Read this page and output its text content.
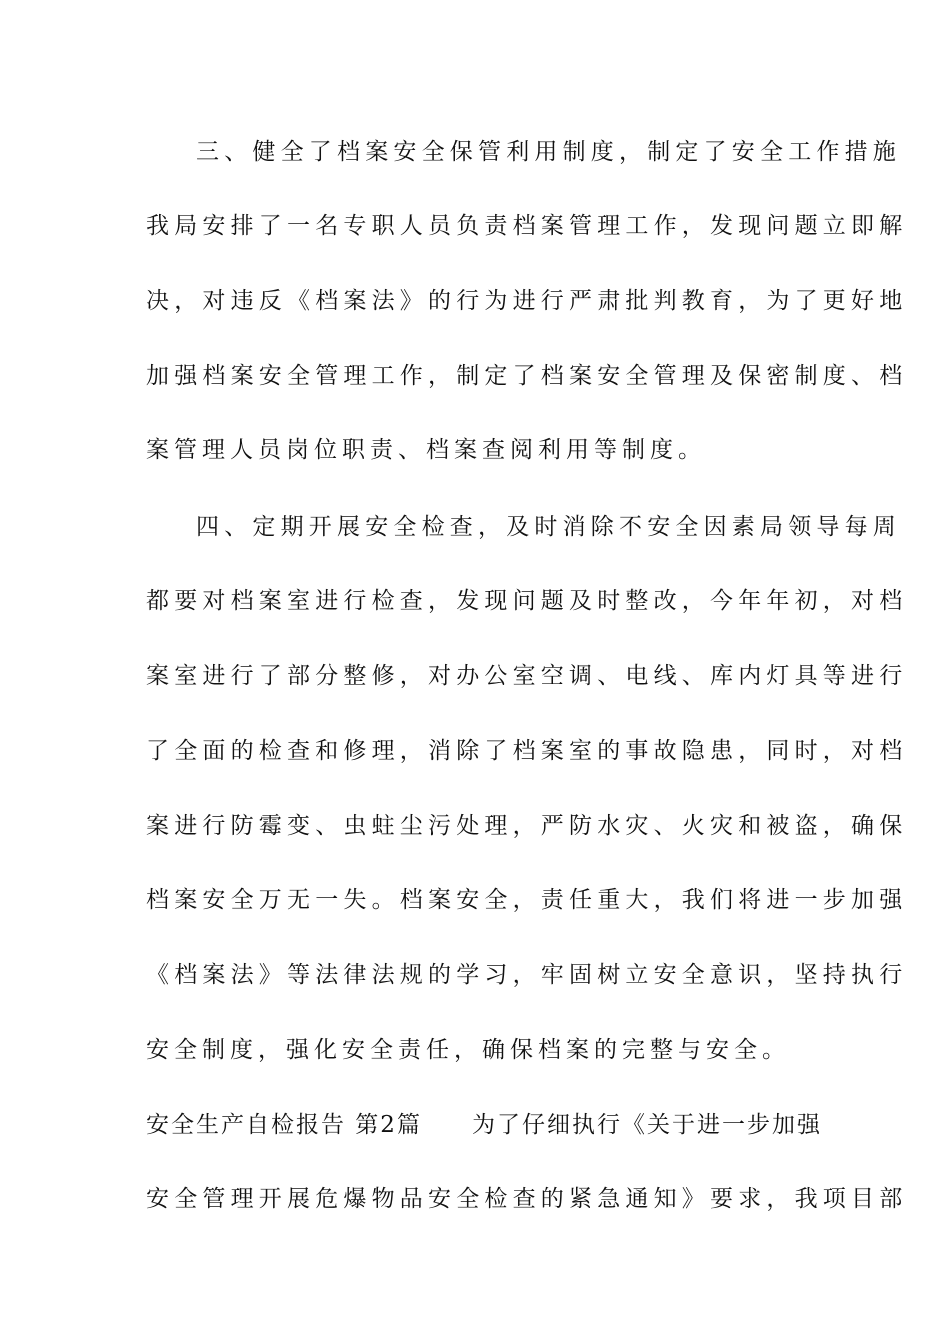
三、健全了档案安全保管利用制度，制定了安全工作措施
我局安排了一名专职人员负责档案管理工作，发现问题立即解
决，对违反《档案法》的行为进行严肃批判教育，为了更好地
加强档案安全管理工作，制定了档案安全管理及保密制度、档
案管理人员岗位职责、档案查阅利用等制度。
四、定期开展安全检查，及时消除不安全因素局领导每周
都要对档案室进行检查，发现问题及时整改，今年年初，对档
案室进行了部分整修，对办公室空调、电线、库内灯具等进行
了全面的检查和修理，消除了档案室的事故隐患，同时，对档
案进行防霉变、虫蛀尘污处理，严防水灾、火灾和被盗，确保
档案安全万无一失。档案安全，责任重大，我们将进一步加强
《档案法》等法律法规的学习，牢固树立安全意识，坚持执行
安全制度，强化安全责任，确保档案的完整与安全。
安全生产自检报告 第2篇　　为了仔细执行《关于进一步加强
安全管理开展危爆物品安全检查的紧急通知》要求，我项目部
